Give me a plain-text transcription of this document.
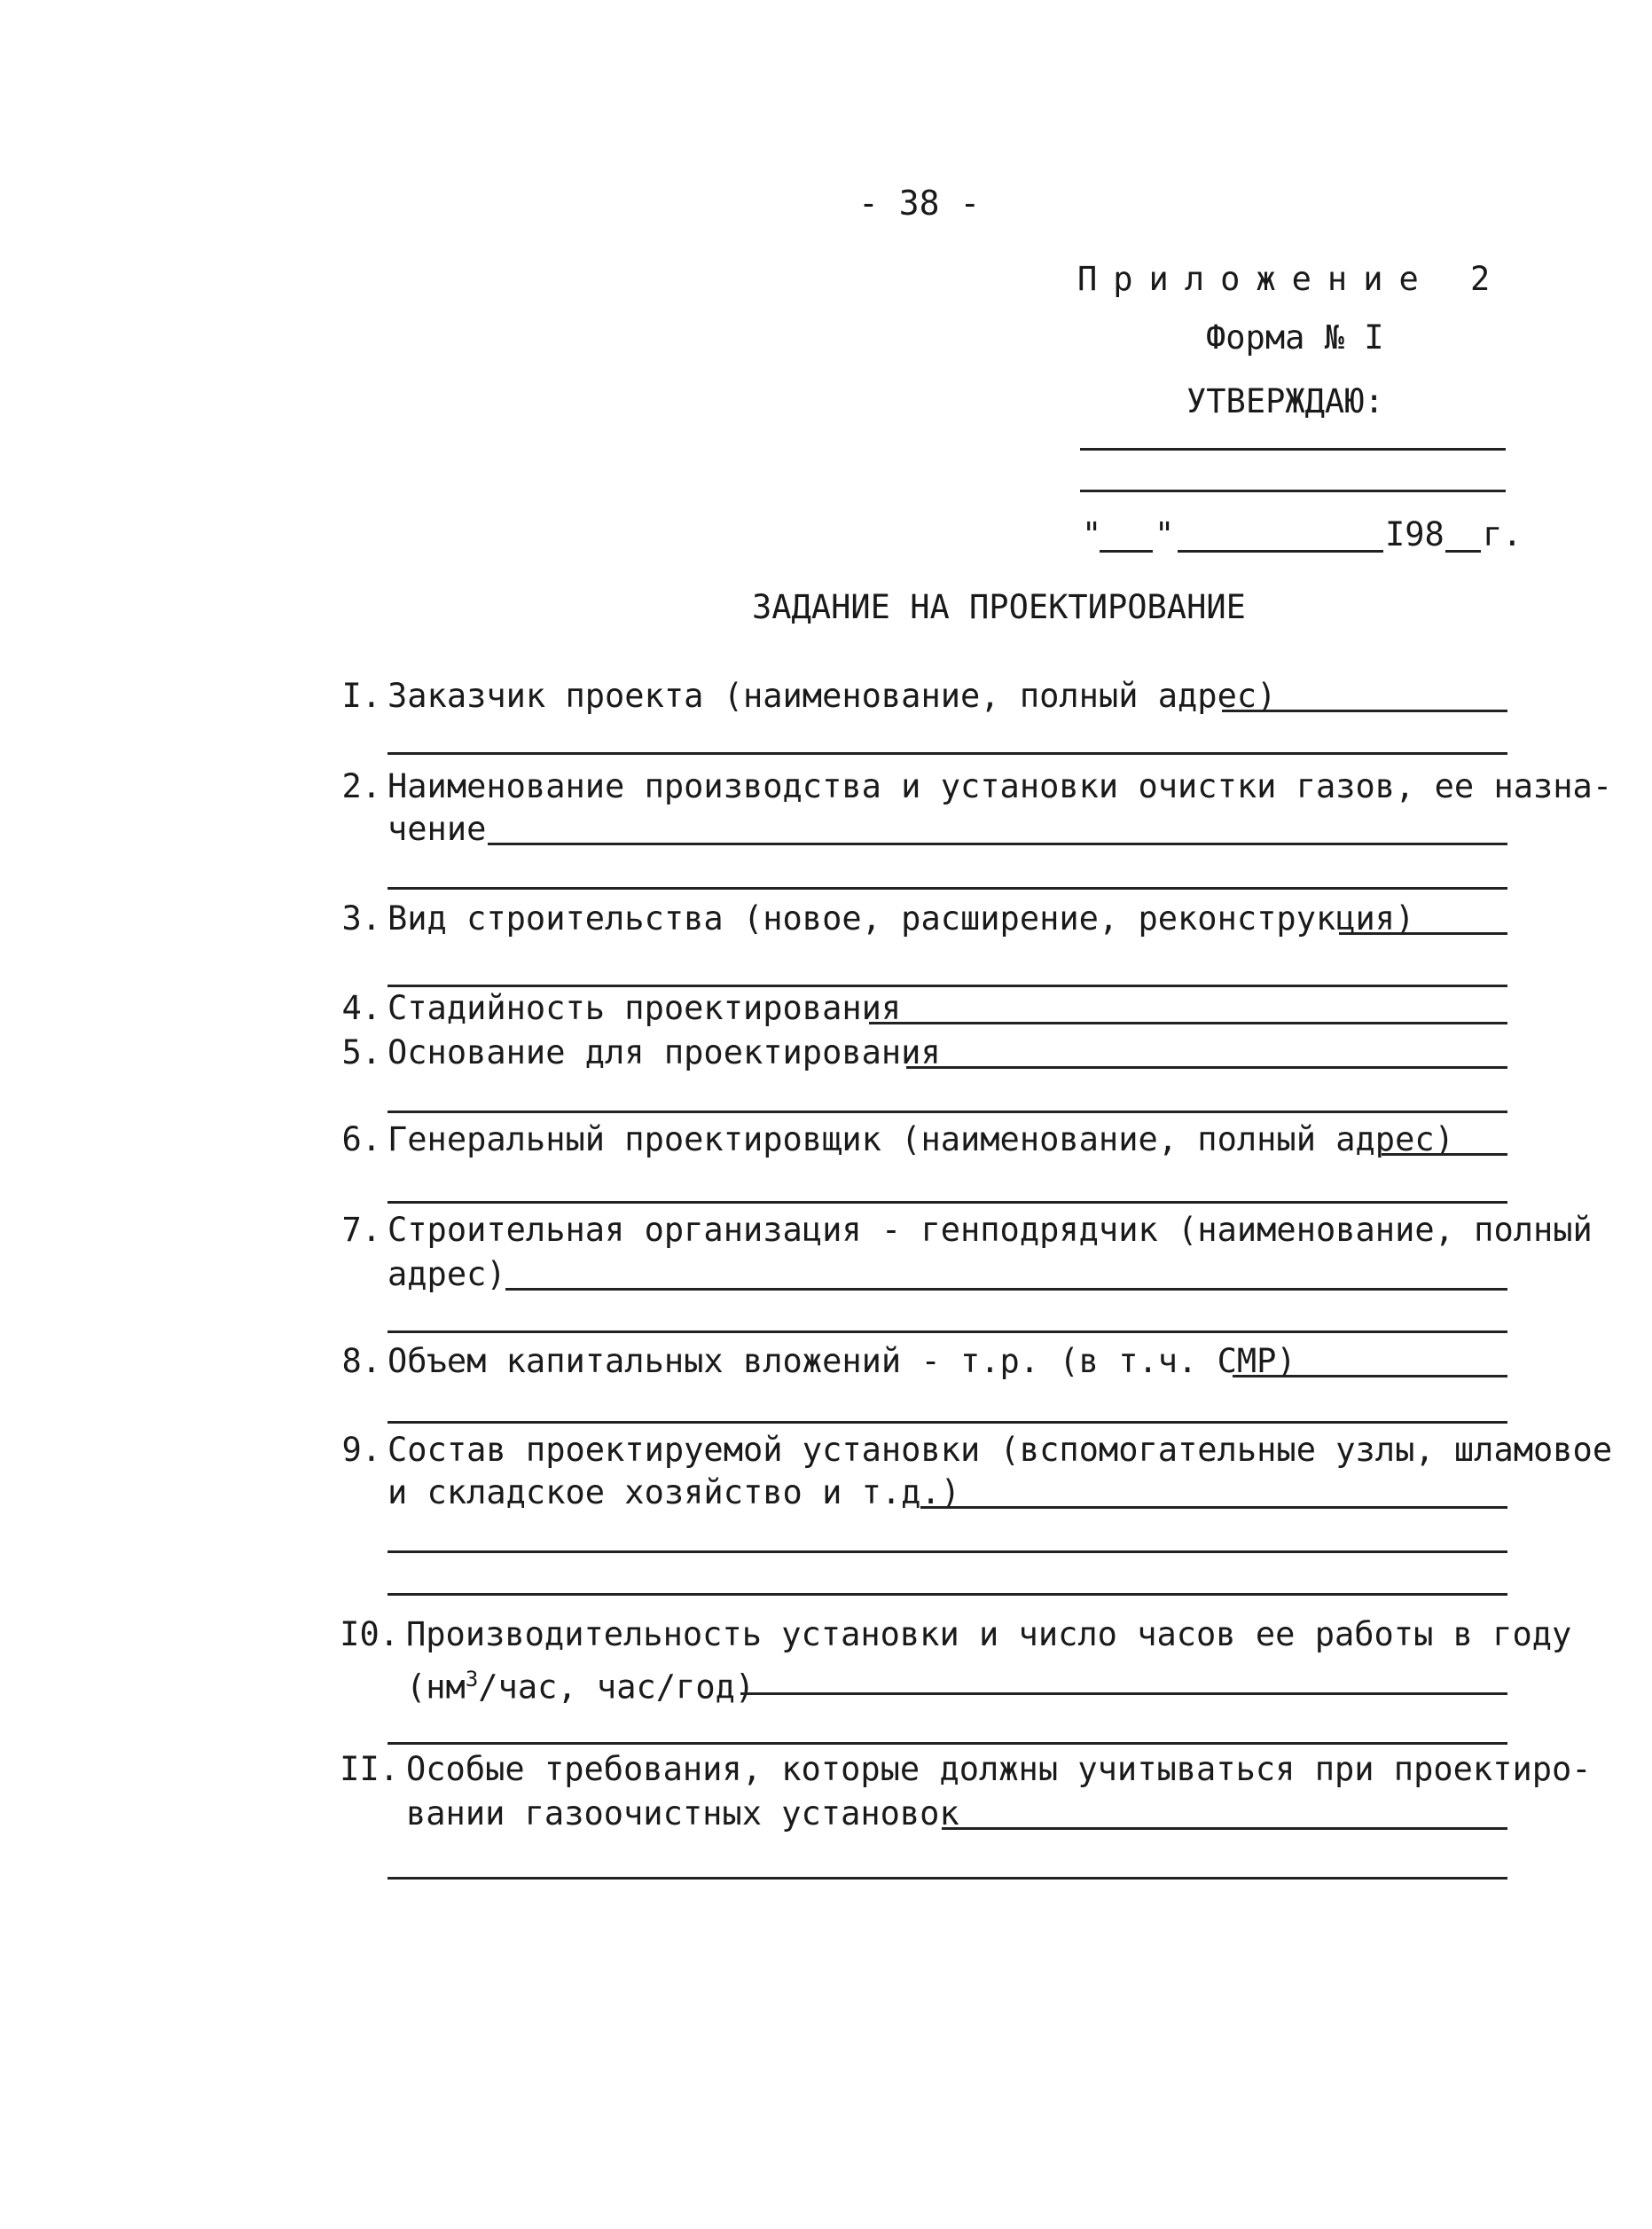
- 38 -
Приложение 2
Форма № I
УТВЕРЖДАЮ:
" "	I98 г.
ЗАДАНИЕ НА ПРОЕКТИРОВАНИЕ
I. Заказчик проекта (наименование, полный адрес)
2. Наименование производства и установки очистки газов, ее назна-
чение
3. Вид строительства (новое, расширение, реконструкция)
4. Стадийность проектирования
5. Основание для проектирования
6. Генеральный проектировщик (наименование, полный адрес)
7. Строительная организация - генподрядчик (наименование, полный
адрес)
8. Объем капитальных вложений - т.р. (в т.ч. СМР)
9. Состав проектируемой установки (вспомогательные узлы, шламовое
и складское хозяйство и т.д.)
I0. Производительность установки и число часов ее работы в году
($нм^3$/час, час/год)
II. Особые требования, которые должны учитываться при проектиро-
вании газоочистных установок
